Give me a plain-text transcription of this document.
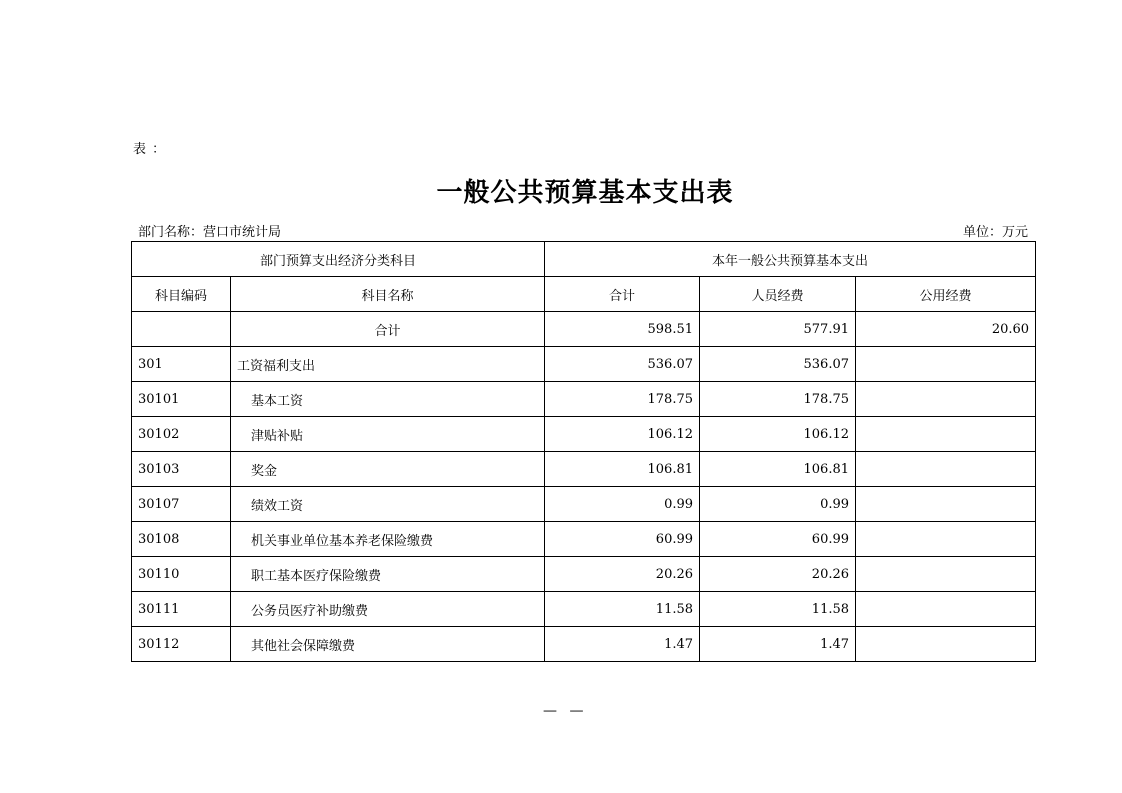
表 ：
一般公共预算基本支出表
部门名称：营口市统计局	单位：万元
部门预算支出经济分类科目		本年一般公共预算基本支出		
科目编码	科目名称	合计	人员经费	公用经费
	合计	598.51	577.91	20.60
301	工资福利支出	536.07	536.07	
30101	基本工资	178.75	178.75	
30102	津贴补贴	106.12	106.12	
30103	奖金	106.81	106.81	
30107	绩效工资	0.99	0.99	
30108	机关事业单位基本养老保险缴费	60.99	60.99	
30110	职工基本医疗保险缴费	20.26	20.26	
30111	公务员医疗补助缴费	11.58	11.58	
30112	其他社会保障缴费	1.47	1.47	
— —
